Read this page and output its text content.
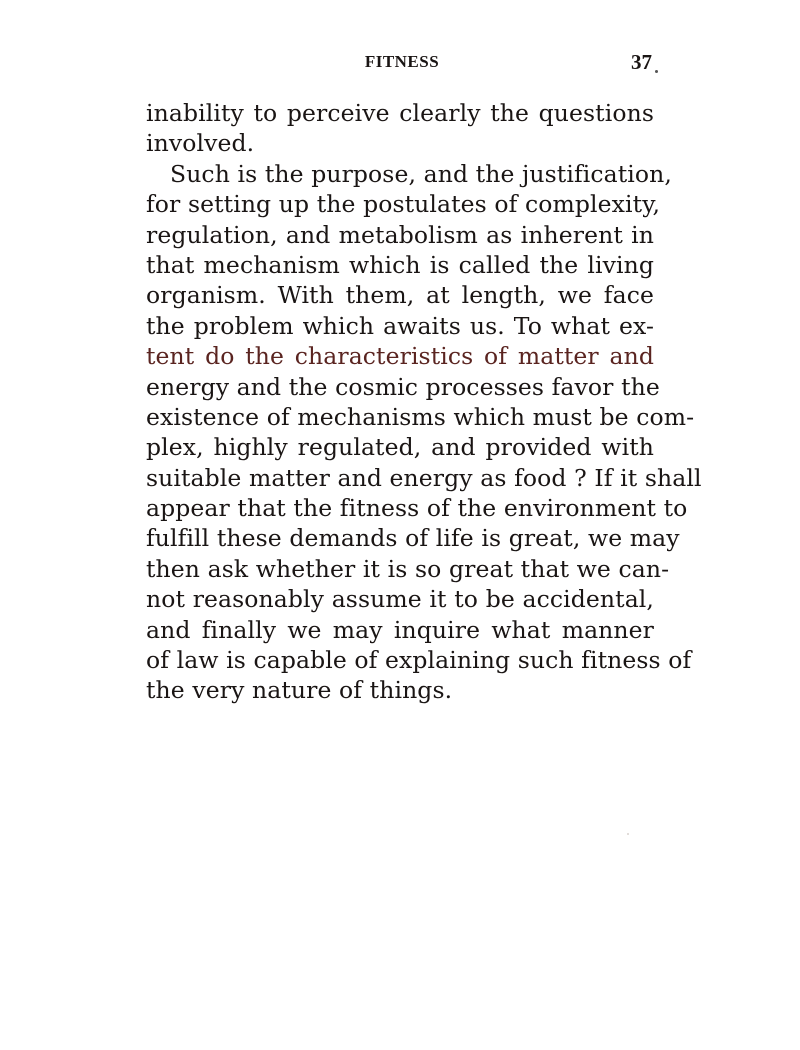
FITNESS	37
inability to perceive clearly the questions
involved.
Such is the purpose, and the justification,
for setting up the postulates of complexity,
regulation, and metabolism as inherent in
that mechanism which is called the living
organism. With them, at length, we face
the problem which awaits us. To what ex-
tent do the characteristics of matter and
energy and the cosmic processes favor the
existence of mechanisms which must be com-
plex, highly regulated, and provided with
suitable matter and energy as food ? If it shall
appear that the fitness of the environment to
fulfill these demands of life is great, we may
then ask whether it is so great that we can-
not reasonably assume it to be accidental,
and finally we may inquire what manner
of law is capable of explaining such fitness of
the very nature of things.
